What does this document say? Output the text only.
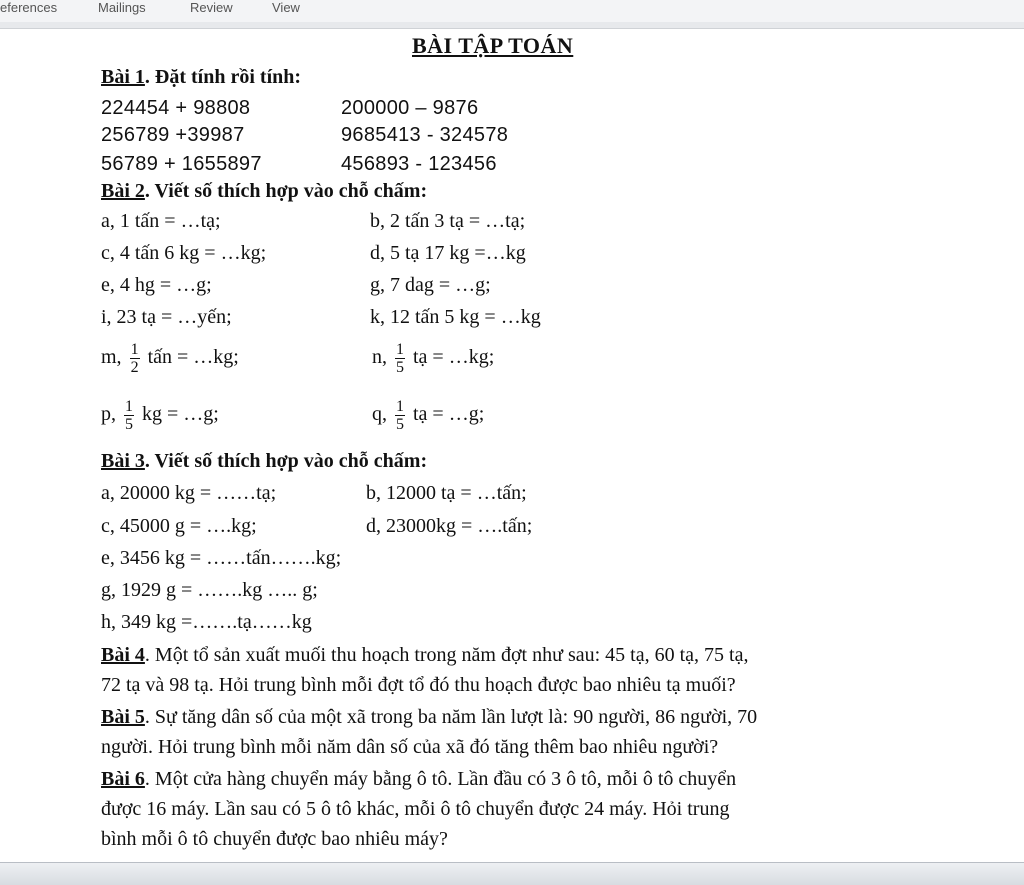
eferences	Mailings	Review	View
BÀI TẬP TOÁN
Bài 1. Đặt tính rồi tính:
224454 + 98808	200000 – 9876
256789 +39987	9685413 - 324578
56789 + 1655897	456893 - 123456
Bài 2. Viết số thích hợp vào chỗ chấm:
a, 1 tấn = …tạ;	b, 2 tấn 3 tạ = …tạ;
c, 4 tấn 6 kg = …kg;	d, 5 tạ 17 kg =…kg
e, 4 hg = …g;	g, 7 dag = …g;
i, 23 tạ = …yến;	k, 12 tấn 5 kg = …kg
m, $\frac{1}{2}$ tấn = …kg;	n, $\frac{1}{5}$ tạ = …kg;
p, $\frac{1}{5}$ kg = …g;	q, $\frac{1}{5}$ tạ = …g;
Bài 3. Viết số thích hợp vào chỗ chấm:
a, 20000 kg = ……tạ;	b, 12000 tạ = …tấn;
c, 45000 g = ….kg;	d, 23000kg = ….tấn;
e, 3456 kg = ……tấn…….kg;
g, 1929 g = …….kg ….. g;
h, 349 kg =…….tạ……kg
Bài 4. Một tổ sản xuất muối thu hoạch trong năm đợt như sau: 45 tạ, 60 tạ, 75 tạ,
72 tạ và 98 tạ. Hỏi trung bình mỗi đợt tổ đó thu hoạch được bao nhiêu tạ muối?
Bài 5. Sự tăng dân số của một xã trong ba năm lần lượt là: 90 người, 86 người, 70
người. Hỏi trung bình mỗi năm dân số của xã đó tăng thêm bao nhiêu người?
Bài 6. Một cửa hàng chuyển máy bằng ô tô. Lần đầu có 3 ô tô, mỗi ô tô chuyển
được 16 máy. Lần sau có 5 ô tô khác, mỗi ô tô chuyển được 24 máy. Hỏi trung
bình mỗi ô tô chuyển được bao nhiêu máy?
